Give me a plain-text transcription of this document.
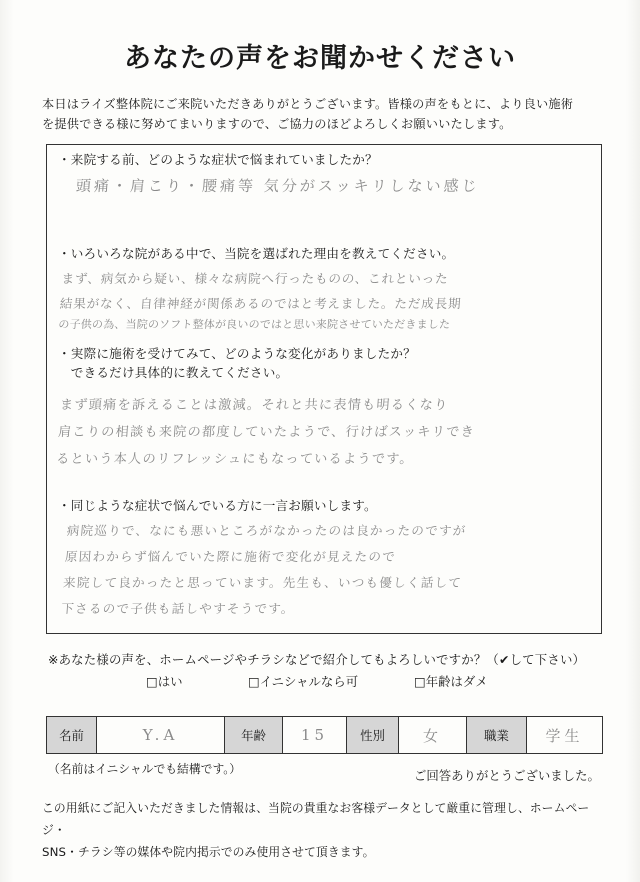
あなたの声をお聞かせください
本日はライズ整体院にご来院いただきありがとうございます。皆様の声をもとに、より良い施術
を提供できる様に努めてまいりますので、ご協力のほどよろしくお願いいたします。
・来院する前、どのような症状で悩まれていましたか？
頭痛・肩こり・腰痛等 気分がスッキリしない感じ
・いろいろな院がある中で、当院を選ばれた理由を教えてください。
まず、病気から疑い、様々な病院へ行ったものの、これといった
結果がなく、自律神経が関係あるのではと考えました。ただ成長期
の子供の為、当院のソフト整体が良いのではと思い来院させていただきました
・実際に施術を受けてみて、どのような変化がありましたか？
　できるだけ具体的に教えてください。
まず頭痛を訴えることは激減。それと共に表情も明るくなり
肩こりの相談も来院の都度していたようで、行けばスッキリでき
るという本人のリフレッシュにもなっているようです。
・同じような症状で悩んでいる方に一言お願いします。
病院巡りで、なにも悪いところがなかったのは良かったのですが
原因わからず悩んでいた際に施術で変化が見えたので
来院して良かったと思っています。先生も、いつも優しく話して
下さるので子供も話しやすそうです。
※あなた様の声を、ホームページやチラシなどで紹介してもよろしいですか？（✔して下さい）
□はい	□イニシャルなら可	□年齢はダメ
名前	Y.A	年齢	15	性別	女	職業	学生
（名前はイニシャルでも結構です。）	ご回答ありがとうございました。
この用紙にご記入いただきました情報は、当院の貴重なお客様データとして厳重に管理し、ホームページ・
SNS・チラシ等の媒体や院内掲示でのみ使用させて頂きます。
